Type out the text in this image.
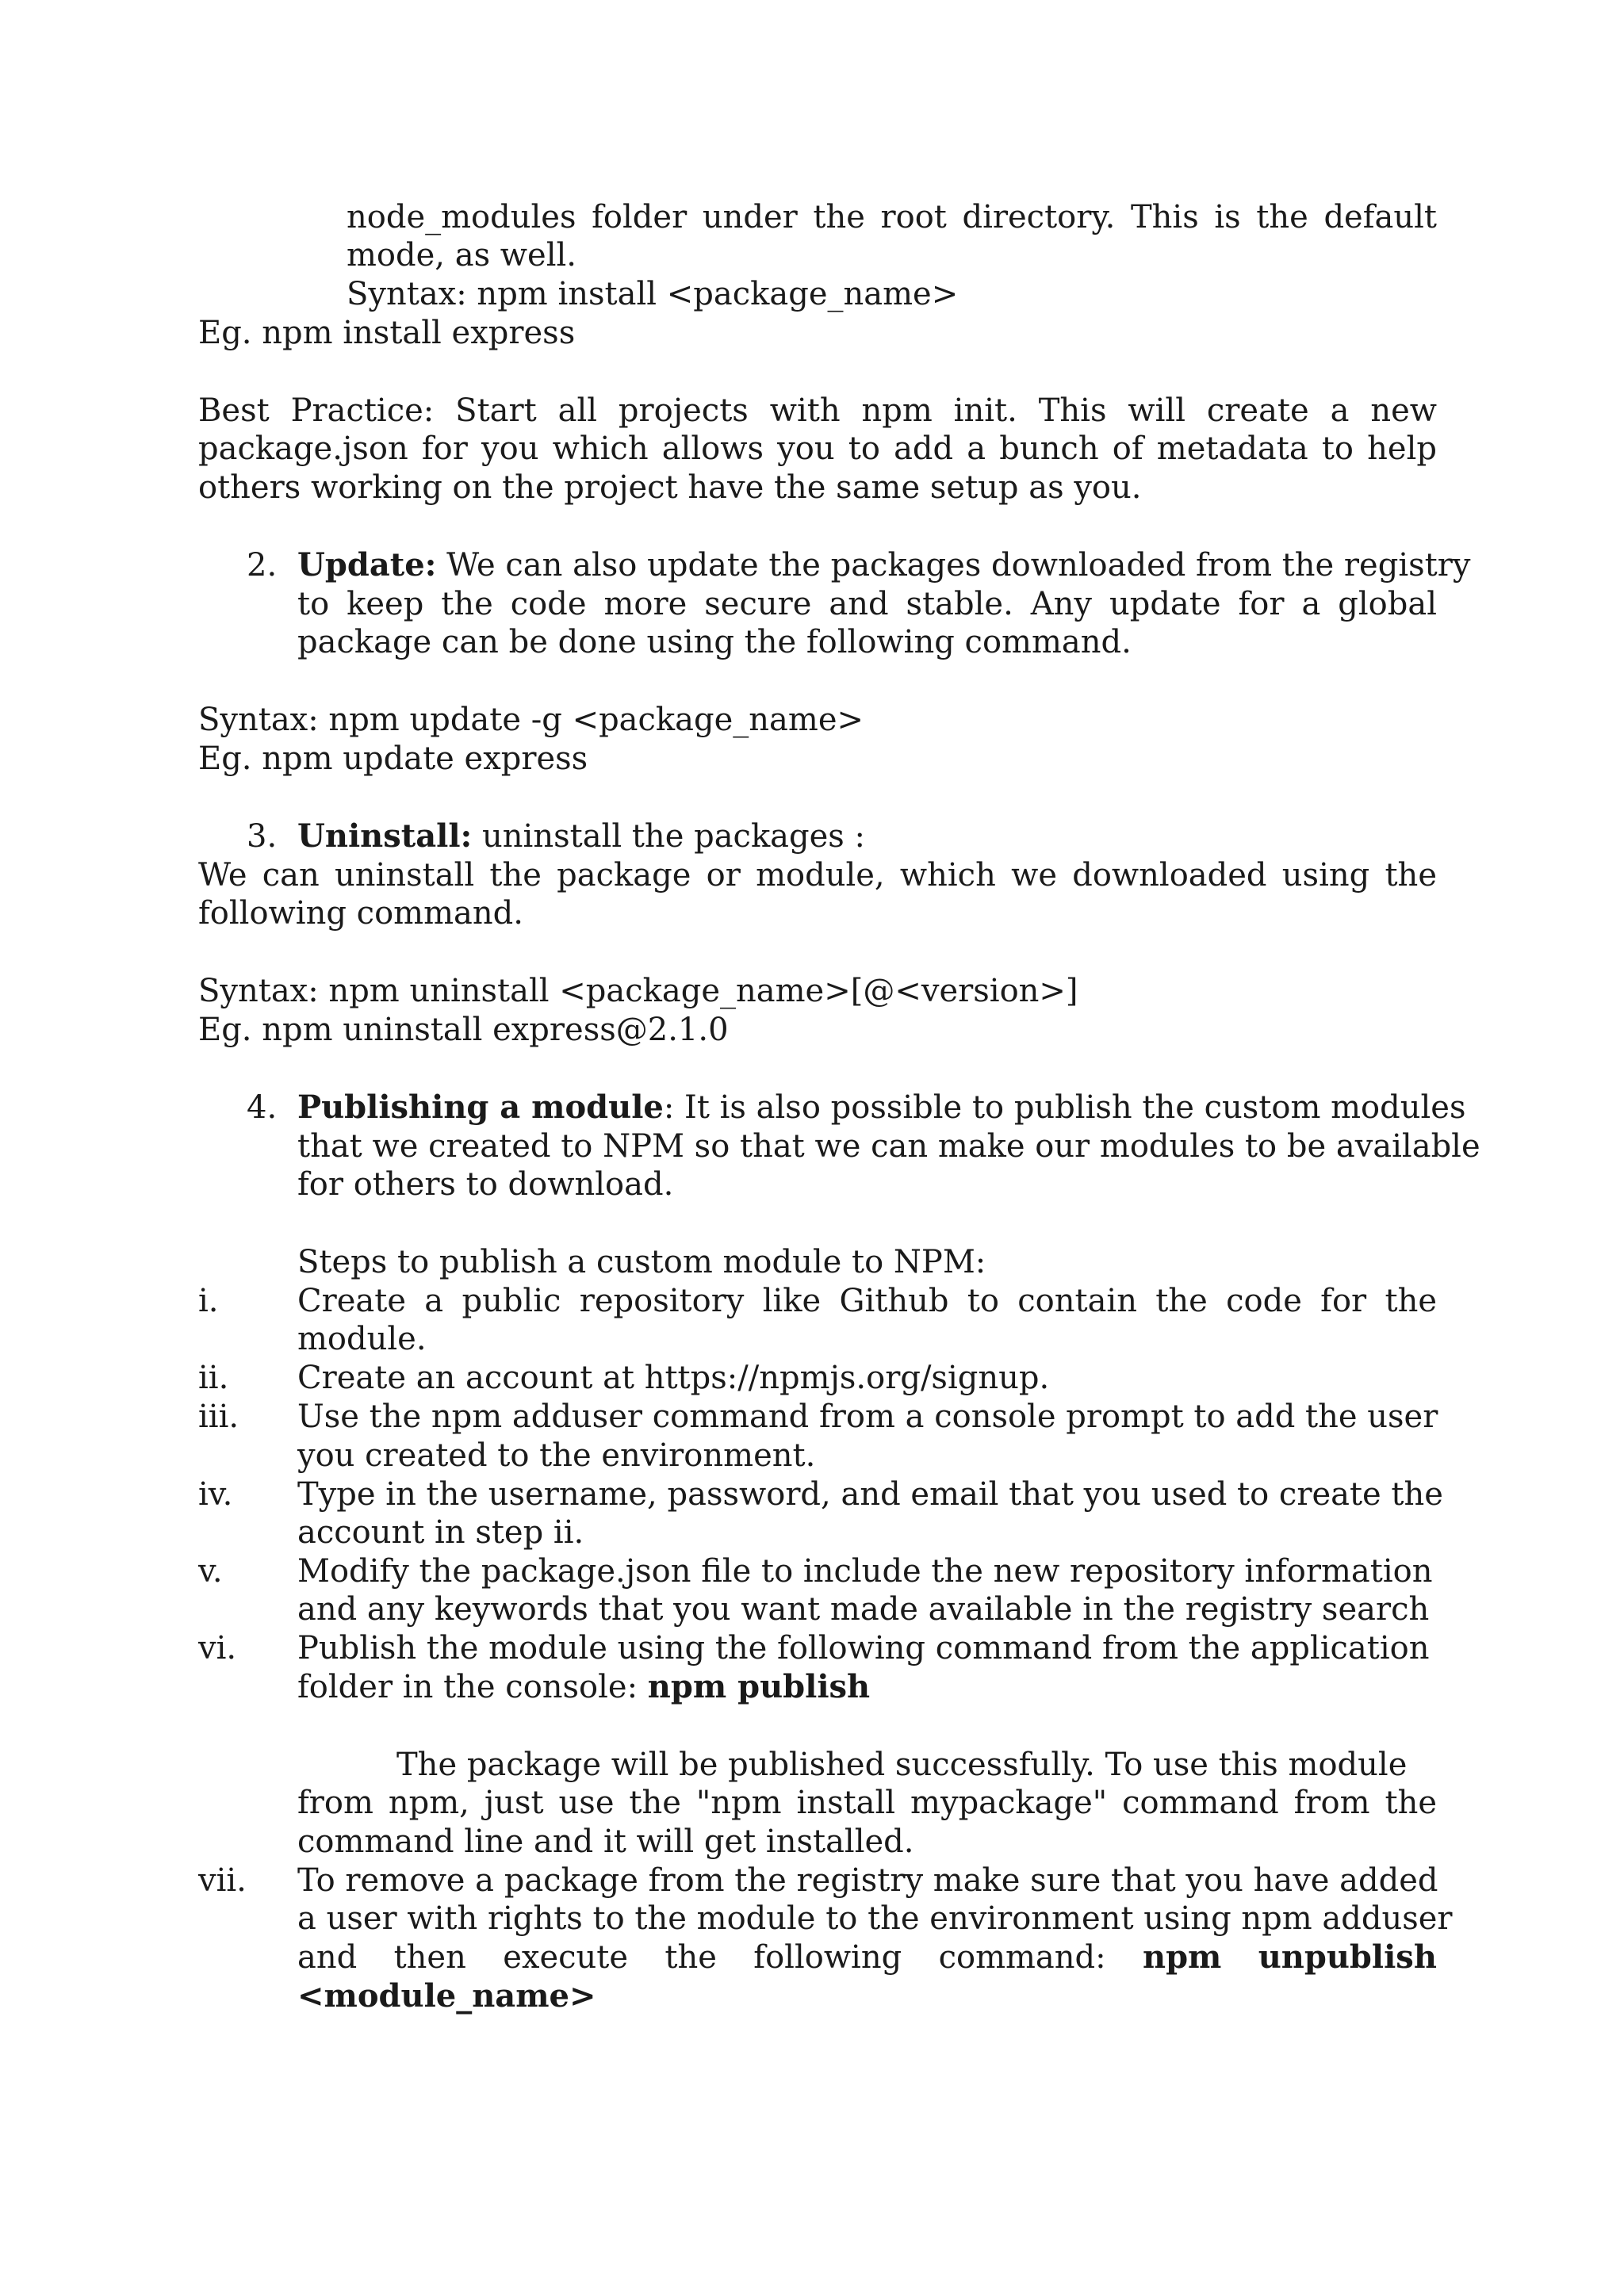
node_modules folder under the root directory. This is the default
mode, as well.
Syntax: npm install <package_name>
Eg. npm install express
Best Practice: Start all projects with npm init. This will create a new
package.json for you which allows you to add a bunch of metadata to help
others working on the project have the same setup as you.
2. Update: We can also update the packages downloaded from the registry
to keep the code more secure and stable. Any update for a global
package can be done using the following command.
Syntax: npm update -g <package_name>
Eg. npm update express
3. Uninstall: uninstall the packages :
We can uninstall the package or module, which we downloaded using the
following command.
Syntax: npm uninstall <package_name>[@<version>]
Eg. npm uninstall express@2.1.0
4. Publishing a module: It is also possible to publish the custom modules
that we created to NPM so that we can make our modules to be available
for others to download.
Steps to publish a custom module to NPM:
i. Create a public repository like Github to contain the code for the
module.
ii. Create an account at https://npmjs.org/signup.
iii. Use the npm adduser command from a console prompt to add the user
you created to the environment.
iv. Type in the username, password, and email that you used to create the
account in step ii.
v. Modify the package.json file to include the new repository information
and any keywords that you want made available in the registry search
vi. Publish the module using the following command from the application
folder in the console: npm publish
The package will be published successfully. To use this module
from npm, just use the "npm install mypackage" command from the
command line and it will get installed.
vii. To remove a package from the registry make sure that you have added
a user with rights to the module to the environment using npm adduser
and then execute the following command: npm unpublish
<module_name>
